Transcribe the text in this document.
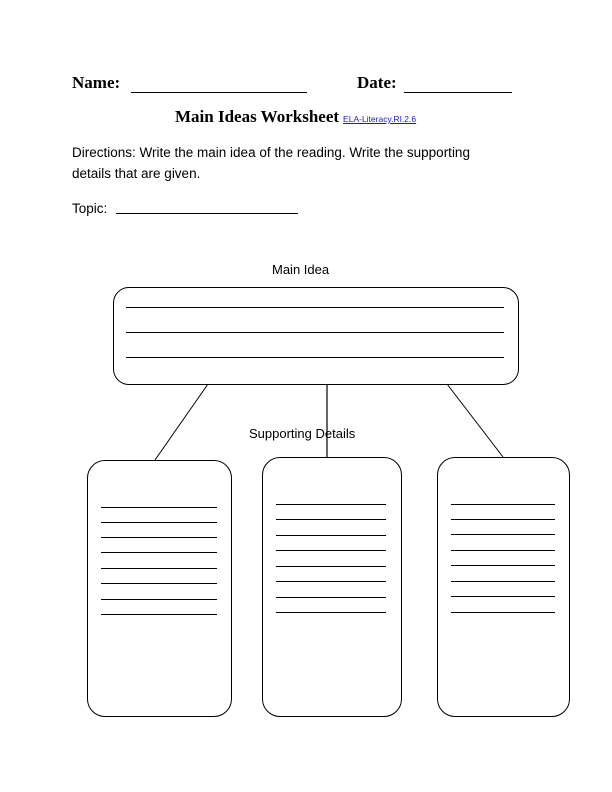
Name:	Date:
Main Ideas Worksheet ELA-Literacy.RI.2.6
Directions: Write the main idea of the reading. Write the supporting
details that are given.
Topic:
Main Idea
Supporting Details
